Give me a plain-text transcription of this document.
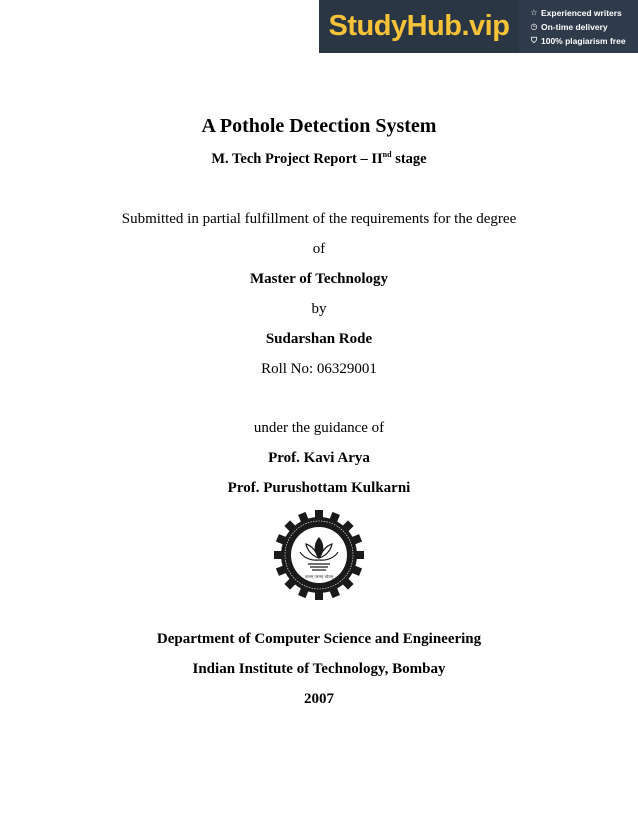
StudyHub.vip	☆ Experienced writers
◷ On-time delivery
⛉ 100% plagiarism free
A Pothole Detection System
M. Tech Project Report – IInd stage
Submitted in partial fulfillment of the requirements for the degree
of
Master of Technology
by
Sudarshan Rode
Roll No: 06329001
under the guidance of
Prof. Kavi Arya
Prof. Purushottam Kulkarni
ज्ञानम् परमम् ध्येयम्
Department of Computer Science and Engineering
Indian Institute of Technology, Bombay
2007
